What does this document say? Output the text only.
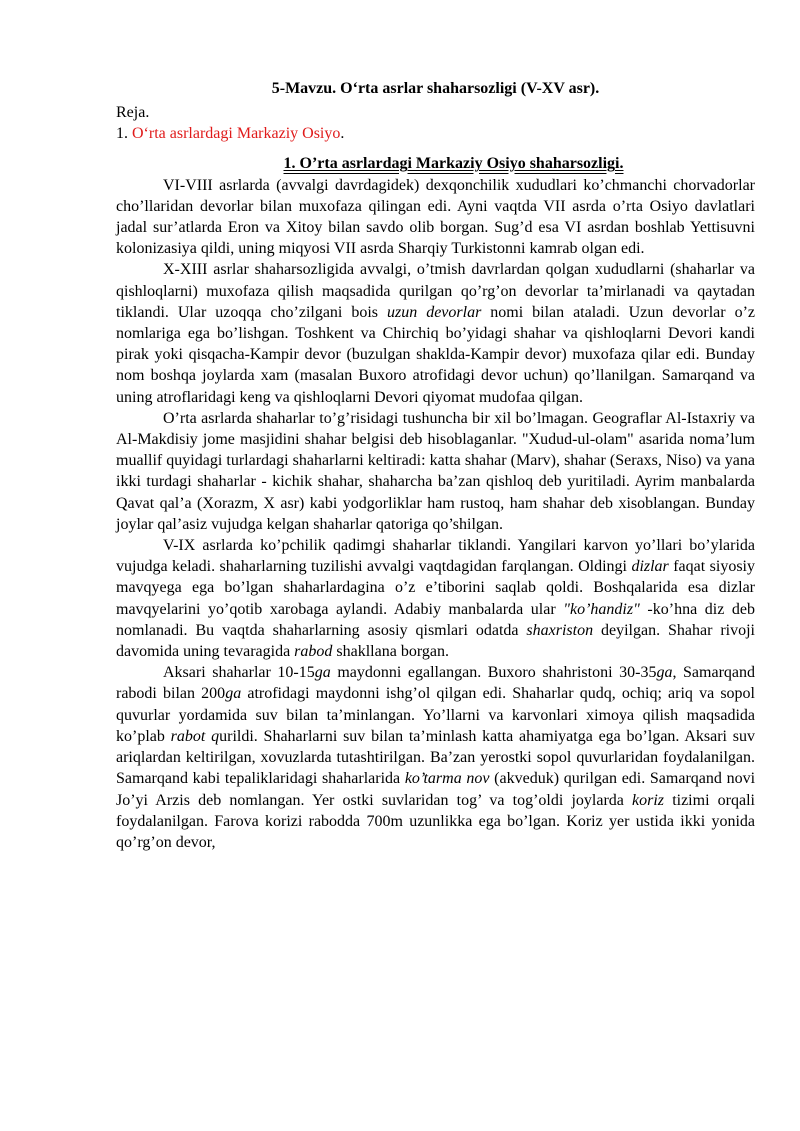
5-Mavzu. O‘rta asrlar shaharsozligi (V-XV asr).
Reja.
1. O‘rta asrlardagi Markaziy Osiyo.
1. O’rta asrlardagi Markaziy Osiyo shaharsozligi.

VI-VIII asrlarda (avvalgi davrdagidek) dexqonchilik xududlari ko’chmanchi chorvadorlar cho’llaridan devorlar bilan muxofaza qilingan edi. Ayni vaqtda VII asrda o’rta Osiyo davlatlari jadal sur’atlarda Eron va Xitoy bilan savdo olib borgan. Sug’d esa VI asrdan boshlab Yettisuvni kolonizasiya qildi, uning miqyosi VII asrda Sharqiy Turkistonni kamrab olgan edi.

X-XIII asrlar shaharsozligida avvalgi, o’tmish davrlardan qolgan xududlarni (shaharlar va qishloqlarni) muxofaza qilish maqsadida qurilgan qo’rg’on devorlar ta’mirlanadi va qaytadan tiklandi. Ular uzoqqa cho’zilgani bois uzun devorlar nomi bilan ataladi. Uzun devorlar o’z nomlariga ega bo’lishgan. Toshkent va Chirchiq bo’yidagi shahar va qishloqlarni Devori kandi pirak yoki qisqacha-Kampir devor (buzulgan shaklda-Kampir devor) muxofaza qilar edi. Bunday nom boshqa joylarda xam (masalan Buxoro atrofidagi devor uchun) qo’llanilgan. Samarqand va uning atroflaridagi keng va qishloqlarni Devori qiyomat mudofaa qilgan.

O’rta asrlarda shaharlar to’g’risidagi tushuncha bir xil bo’lmagan. Geograflar Al-Istaxriy va Al-Makdisiy jome masjidini shahar belgisi deb hisoblaganlar. "Xudud-ul-olam" asarida noma’lum muallif quyidagi turlardagi shaharlarni keltiradi: katta shahar (Marv), shahar (Seraxs, Niso) va yana ikki turdagi shaharlar - kichik shahar, shaharcha ba’zan qishloq deb yuritiladi. Ayrim manbalarda Qavat qal’a (Xorazm, X asr) kabi yodgorliklar ham rustoq, ham shahar deb xisoblangan. Bunday joylar qal’asiz vujudga kelgan shaharlar qatoriga qo’shilgan.

V-IX asrlarda ko’pchilik qadimgi shaharlar tiklandi. Yangilari karvon yo’llari bo’ylarida vujudga keladi. shaharlarning tuzilishi avvalgi vaqtdagidan farqlangan. Oldingi dizlar faqat siyosiy mavqyega ega bo’lgan shaharlardagina o’z e’tiborini saqlab qoldi. Boshqalarida esa dizlar mavqyelarini yo’qotib xarobaga aylandi. Adabiy manbalarda ular "ko’handiz" -ko’hna diz deb nomlanadi. Bu vaqtda shaharlarning asosiy qismlari odatda shaxriston deyilgan. Shahar rivoji davomida uning tevaragida rabod shakllana borgan.

Aksari shaharlar 10-15ga maydonni egallangan. Buxoro shahristoni 30-35ga, Samarqand rabodi bilan 200ga atrofidagi maydonni ishg’ol qilgan edi. Shaharlar qudq, ochiq; ariq va sopol quvurlar yordamida suv bilan ta’minlangan. Yo’llarni va karvonlari ximoya qilish maqsadida ko’plab rabot qurildi. Shaharlarni suv bilan ta’minlash katta ahamiyatga ega bo’lgan. Aksari suv ariqlardan keltirilgan, xovuzlarda tutashtirilgan. Ba’zan yerostki sopol quvurlaridan foydalanilgan. Samarqand kabi tepaliklaridagi shaharlarida ko’tarma nov (akveduk) qurilgan edi. Samarqand novi Jo’yi Arzis deb nomlangan. Yer ostki suvlaridan tog’ va tog’oldi joylarda koriz tizimi orqali foydalanilgan. Farova korizi rabodda 700m uzunlikka ega bo’lgan. Koriz yer ustida ikki yonida qo’rg’on devor,
